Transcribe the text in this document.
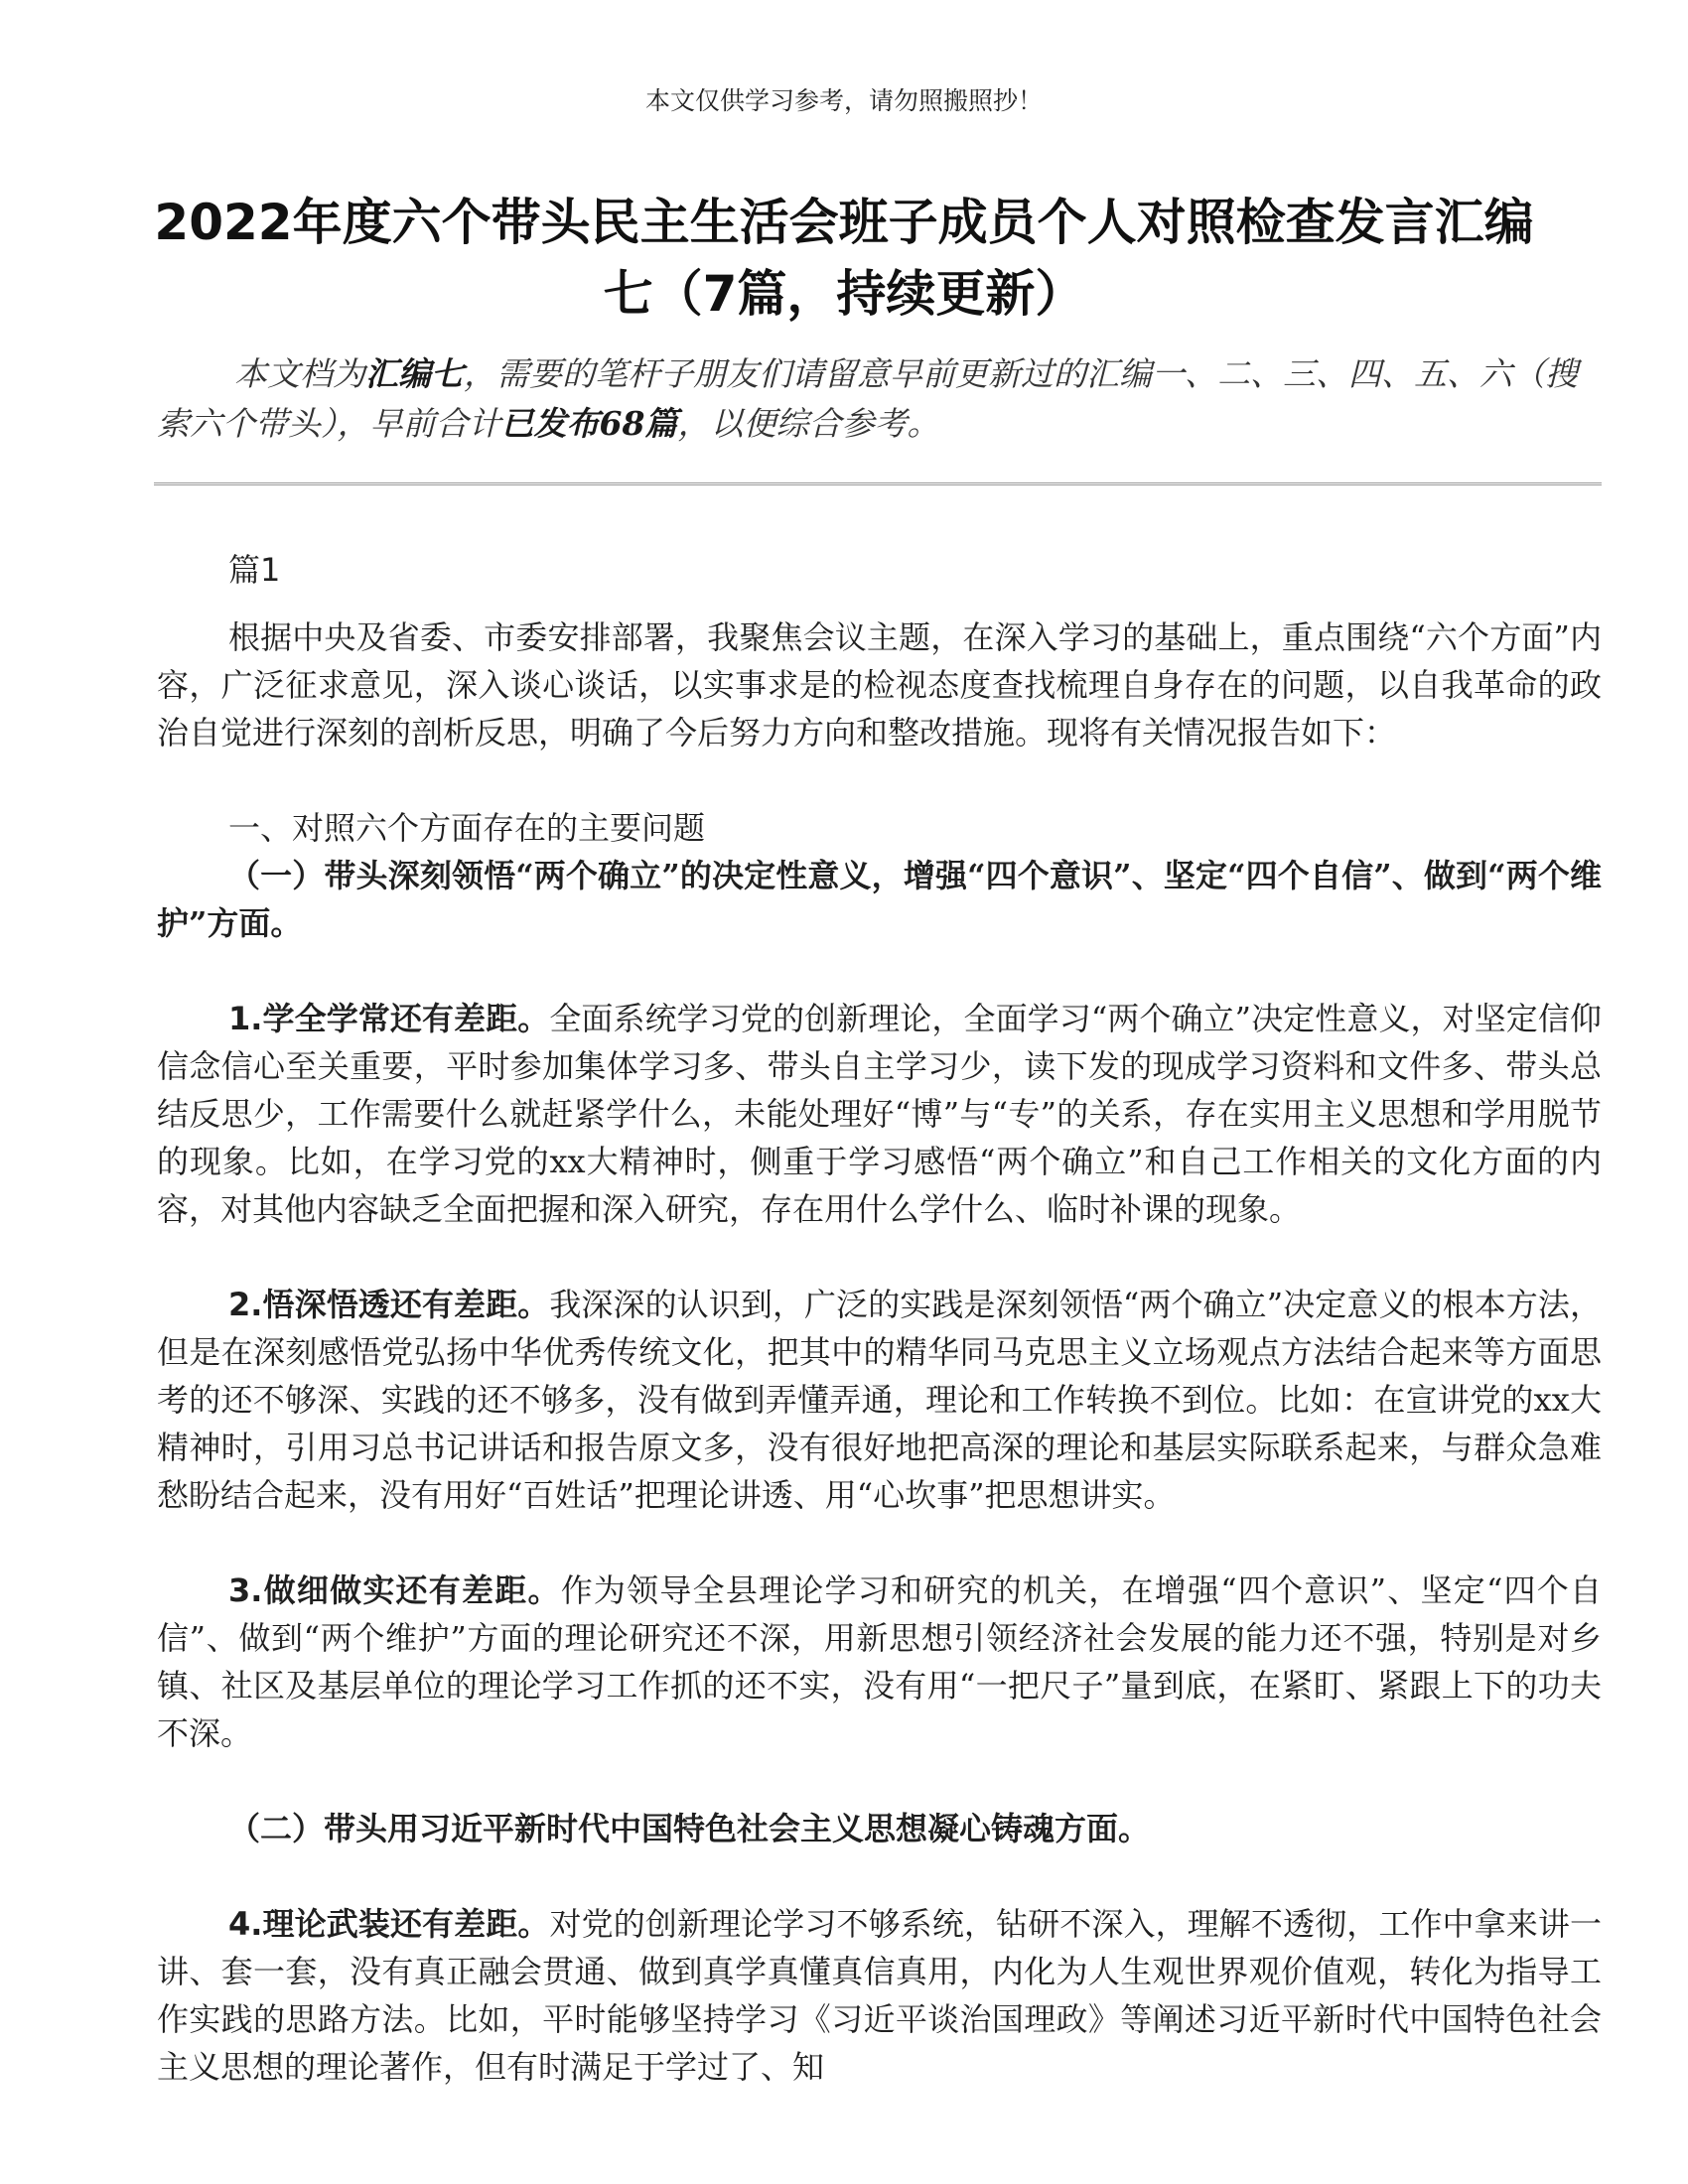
本文仅供学习参考，请勿照搬照抄！
2022年度六个带头民主生活会班子成员个人对照检查发言汇编七（7篇，持续更新）
本文档为汇编七，需要的笔杆子朋友们请留意早前更新过的汇编一、二、三、四、五、六（搜索六个带头），早前合计已发布68篇，以便综合参考。

篇1

根据中央及省委、市委安排部署，我聚焦会议主题，在深入学习的基础上，重点围绕“六个方面”内容，广泛征求意见，深入谈心谈话，以实事求是的检视态度查找梳理自身存在的问题，以自我革命的政治自觉进行深刻的剖析反思，明确了今后努力方向和整改措施。现将有关情况报告如下：

一、对照六个方面存在的主要问题

（一）带头深刻领悟“两个确立”的决定性意义，增强“四个意识”、坚定“四个自信”、做到“两个维护”方面。

1.学全学常还有差距。全面系统学习党的创新理论，全面学习“两个确立”决定性意义，对坚定信仰信念信心至关重要，平时参加集体学习多、带头自主学习少，读下发的现成学习资料和文件多、带头总结反思少，工作需要什么就赶紧学什么，未能处理好“博”与“专”的关系，存在实用主义思想和学用脱节的现象。比如，在学习党的xx大精神时，侧重于学习感悟“两个确立”和自己工作相关的文化方面的内容，对其他内容缺乏全面把握和深入研究，存在用什么学什么、临时补课的现象。

2.悟深悟透还有差距。我深深的认识到，广泛的实践是深刻领悟“两个确立”决定意义的根本方法，但是在深刻感悟党弘扬中华优秀传统文化，把其中的精华同马克思主义立场观点方法结合起来等方面思考的还不够深、实践的还不够多，没有做到弄懂弄通，理论和工作转换不到位。比如：在宣讲党的xx大精神时，引用习总书记讲话和报告原文多，没有很好地把高深的理论和基层实际联系起来，与群众急难愁盼结合起来，没有用好“百姓话”把理论讲透、用“心坎事”把思想讲实。

3.做细做实还有差距。作为领导全县理论学习和研究的机关，在增强“四个意识”、坚定“四个自信”、做到“两个维护”方面的理论研究还不深，用新思想引领经济社会发展的能力还不强，特别是对乡镇、社区及基层单位的理论学习工作抓的还不实，没有用“一把尺子”量到底，在紧盯、紧跟上下的功夫不深。

（二）带头用习近平新时代中国特色社会主义思想凝心铸魂方面。

4.理论武装还有差距。对党的创新理论学习不够系统，钻研不深入，理解不透彻，工作中拿来讲一讲、套一套，没有真正融会贯通、做到真学真懂真信真用，内化为人生观世界观价值观，转化为指导工作实践的思路方法。比如，平时能够坚持学习《习近平谈治国理政》等阐述习近平新时代中国特色社会主义思想的理论著作，但有时满足于学过了、知
